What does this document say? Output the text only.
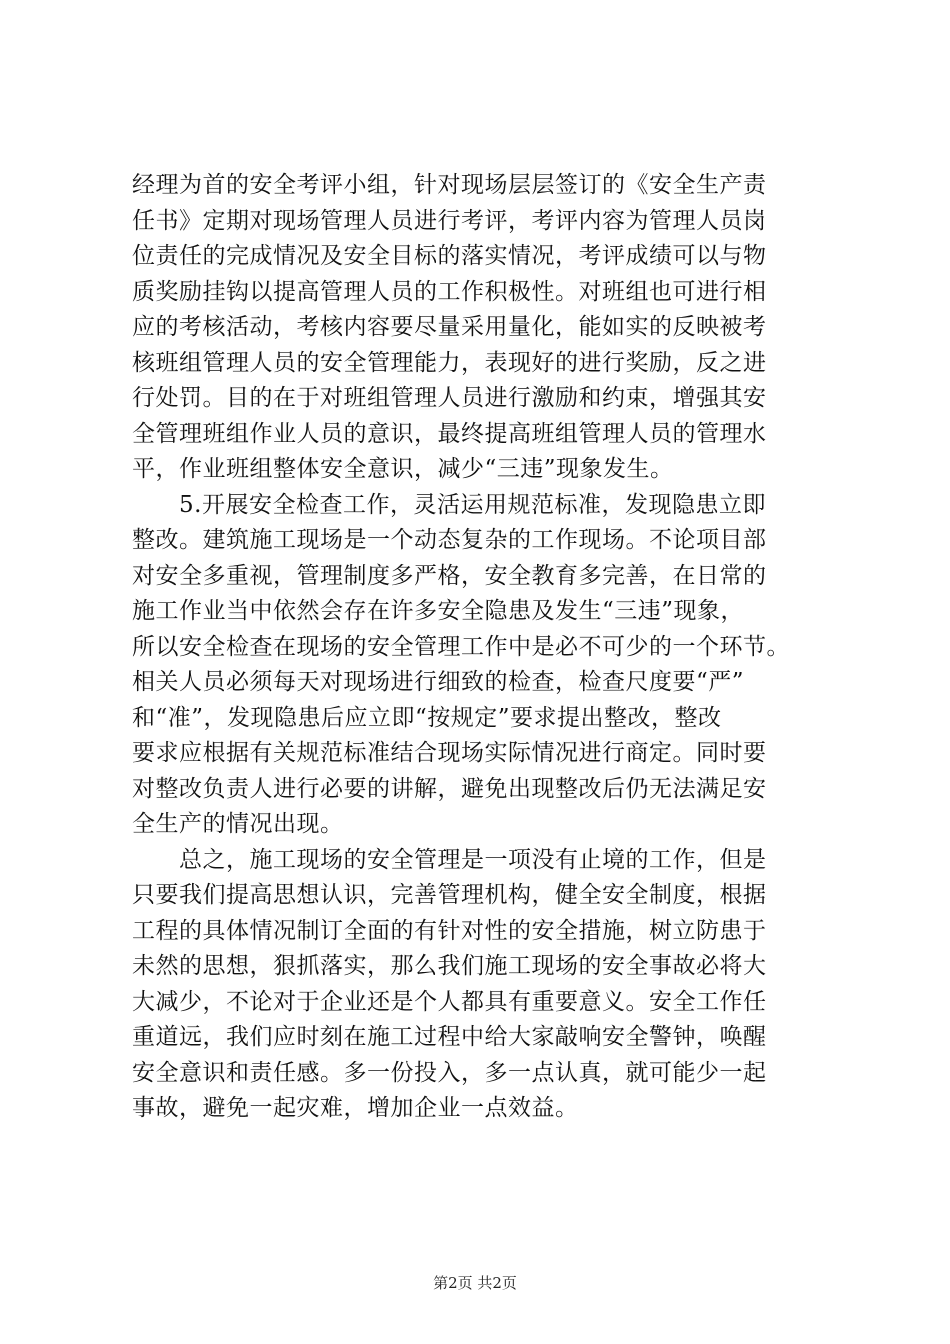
经理为首的安全考评小组，针对现场层层签订的《安全生产责
任书》定期对现场管理人员进行考评，考评内容为管理人员岗
位责任的完成情况及安全目标的落实情况，考评成绩可以与物
质奖励挂钩以提高管理人员的工作积极性。对班组也可进行相
应的考核活动，考核内容要尽量采用量化，能如实的反映被考
核班组管理人员的安全管理能力，表现好的进行奖励，反之进
行处罚。目的在于对班组管理人员进行激励和约束，增强其安
全管理班组作业人员的意识，最终提高班组管理人员的管理水
平，作业班组整体安全意识，减少“三违”现象发生。
　　5.开展安全检查工作，灵活运用规范标准，发现隐患立即
整改。建筑施工现场是一个动态复杂的工作现场。不论项目部
对安全多重视，管理制度多严格，安全教育多完善，在日常的
施工作业当中依然会存在许多安全隐患及发生“三违”现象，
所以安全检查在现场的安全管理工作中是必不可少的一个环节。
相关人员必须每天对现场进行细致的检查，检查尺度要“严”
和“准”，发现隐患后应立即“按规定”要求提出整改，整改
要求应根据有关规范标准结合现场实际情况进行商定。同时要
对整改负责人进行必要的讲解，避免出现整改后仍无法满足安
全生产的情况出现。
　　总之，施工现场的安全管理是一项没有止境的工作，但是
只要我们提高思想认识，完善管理机构，健全安全制度，根据
工程的具体情况制订全面的有针对性的安全措施，树立防患于
未然的思想，狠抓落实，那么我们施工现场的安全事故必将大
大减少，不论对于企业还是个人都具有重要意义。安全工作任
重道远，我们应时刻在施工过程中给大家敲响安全警钟，唤醒
安全意识和责任感。多一份投入，多一点认真，就可能少一起
事故，避免一起灾难，增加企业一点效益。
第2页 共2页
